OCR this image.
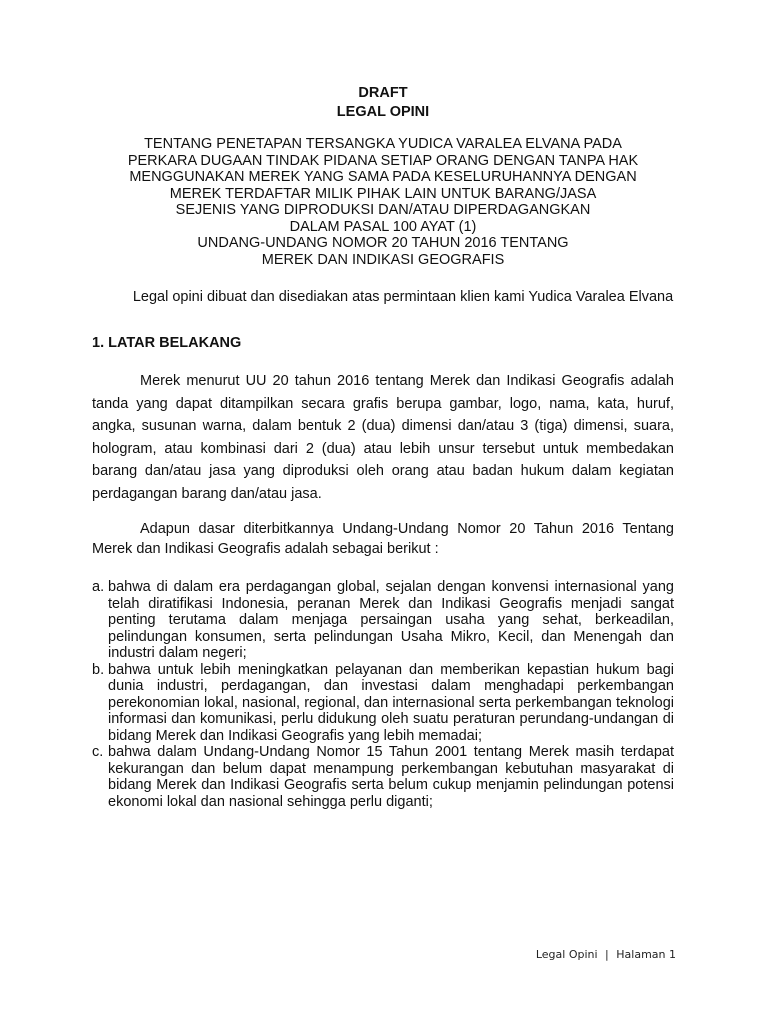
DRAFT
LEGAL OPINI
TENTANG PENETAPAN TERSANGKA YUDICA VARALEA ELVANA PADA
PERKARA DUGAAN TINDAK PIDANA SETIAP ORANG DENGAN TANPA HAK
MENGGUNAKAN MEREK YANG SAMA PADA KESELURUHANNYA DENGAN
MEREK TERDAFTAR MILIK PIHAK LAIN UNTUK BARANG/JASA
SEJENIS YANG DIPRODUKSI DAN/ATAU DIPERDAGANGKAN
DALAM PASAL 100 AYAT (1)
UNDANG-UNDANG NOMOR 20 TAHUN 2016 TENTANG
MEREK DAN INDIKASI GEOGRAFIS
Legal opini dibuat dan disediakan atas permintaan klien kami Yudica Varalea Elvana
1. LATAR BELAKANG
Merek menurut UU 20 tahun 2016 tentang Merek dan Indikasi Geografis adalah tanda yang dapat ditampilkan secara grafis berupa gambar, logo, nama, kata, huruf, angka, susunan warna, dalam bentuk 2 (dua) dimensi dan/atau 3 (tiga) dimensi, suara, hologram, atau kombinasi dari 2 (dua) atau lebih unsur tersebut untuk membedakan barang dan/atau jasa yang diproduksi oleh orang atau badan hukum dalam kegiatan perdagangan barang dan/atau jasa.
Adapun dasar diterbitkannya Undang-Undang Nomor 20 Tahun 2016 Tentang Merek dan Indikasi Geografis adalah sebagai berikut :
a. bahwa di dalam era perdagangan global, sejalan dengan konvensi internasional yang telah diratifikasi Indonesia, peranan Merek dan Indikasi Geografis menjadi sangat penting terutama dalam menjaga persaingan usaha yang sehat, berkeadilan, pelindungan konsumen, serta pelindungan Usaha Mikro, Kecil, dan Menengah dan industri dalam negeri;
b. bahwa untuk lebih meningkatkan pelayanan dan memberikan kepastian hukum bagi dunia industri, perdagangan, dan investasi dalam menghadapi perkembangan perekonomian lokal, nasional, regional, dan internasional serta perkembangan teknologi informasi dan komunikasi, perlu didukung oleh suatu peraturan perundang-undangan di bidang Merek dan Indikasi Geografis yang lebih memadai;
c. bahwa dalam Undang-Undang Nomor 15 Tahun 2001 tentang Merek masih terdapat kekurangan dan belum dapat menampung perkembangan kebutuhan masyarakat di bidang Merek dan Indikasi Geografis serta belum cukup menjamin pelindungan potensi ekonomi lokal dan nasional sehingga perlu diganti;
Legal Opini | Halaman 1
